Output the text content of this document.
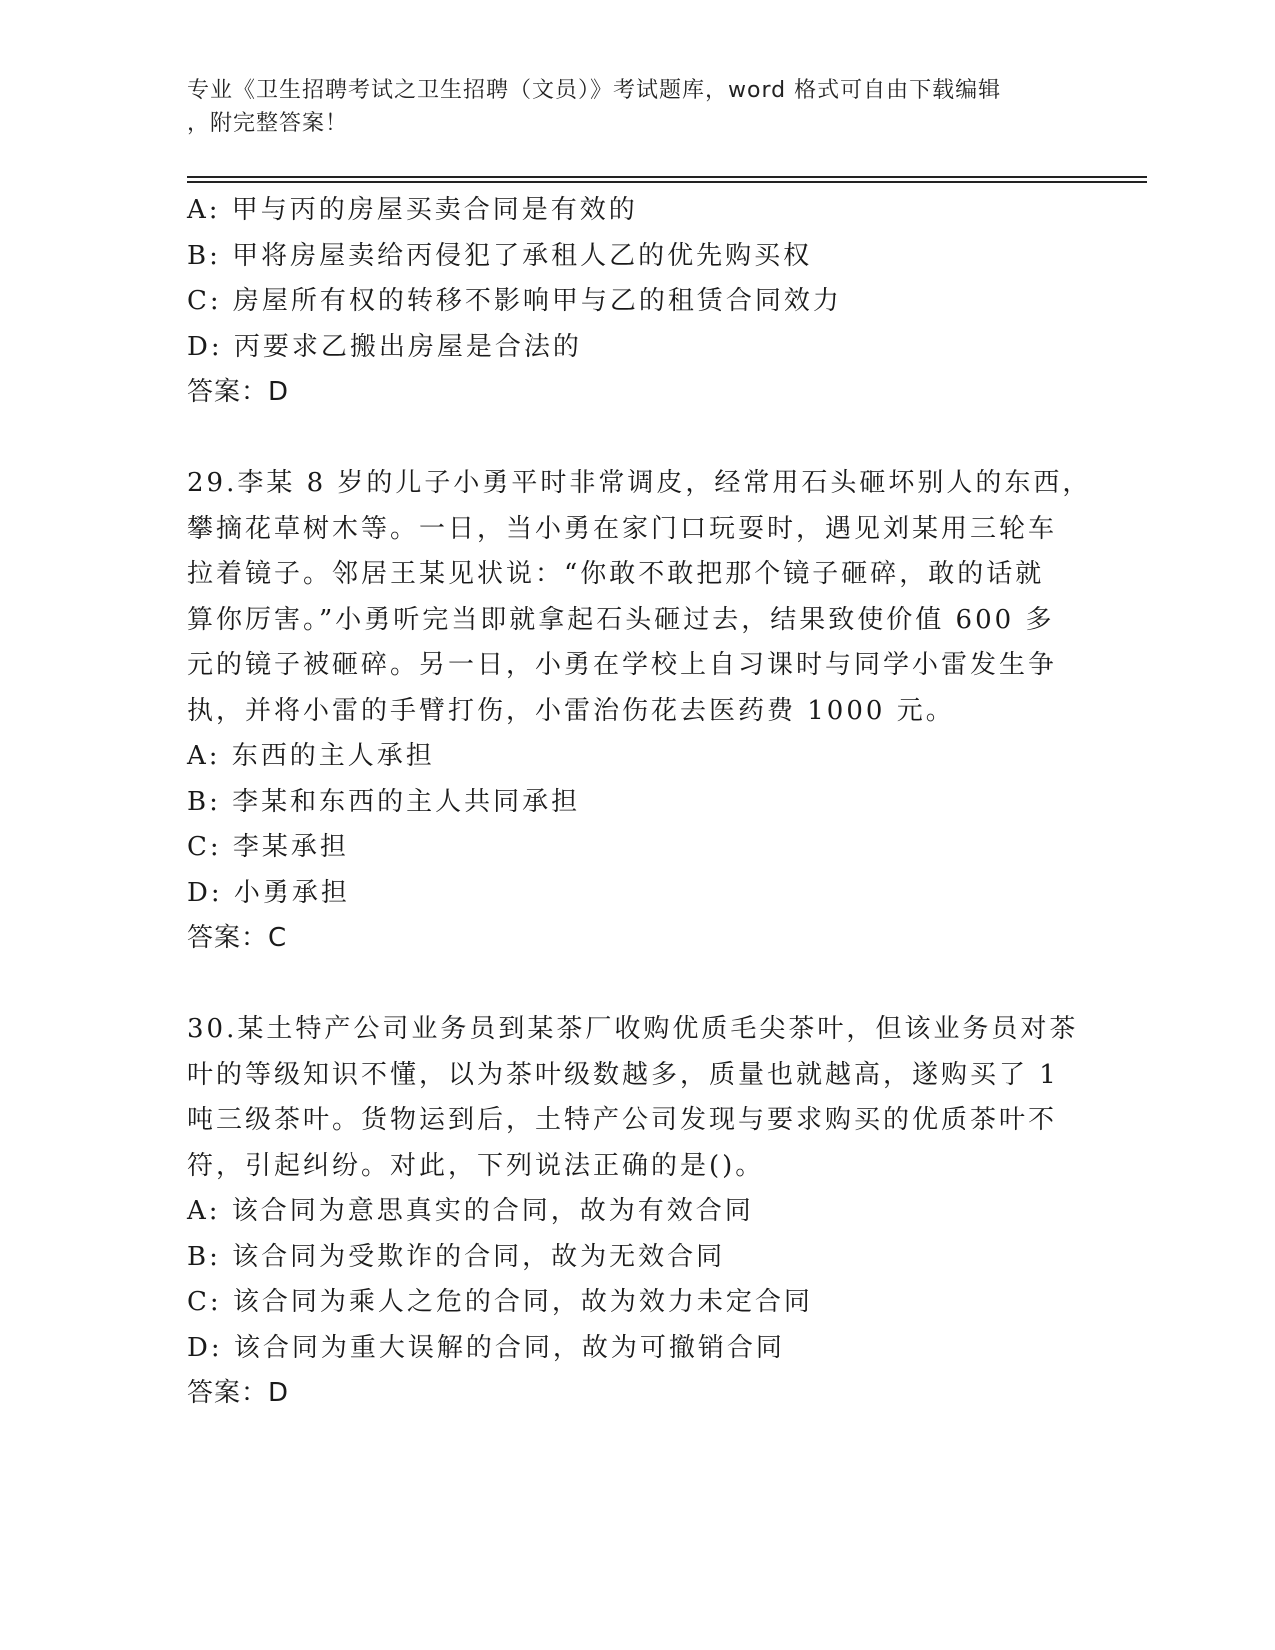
专业《卫生招聘考试之卫生招聘（文员）》考试题库，word 格式可自由下载编辑
，附完整答案！
A: 甲与丙的房屋买卖合同是有效的
B: 甲将房屋卖给丙侵犯了承租人乙的优先购买权
C: 房屋所有权的转移不影响甲与乙的租赁合同效力
D: 丙要求乙搬出房屋是合法的
答案：D
29.李某 8 岁的儿子小勇平时非常调皮，经常用石头砸坏别人的东西，
攀摘花草树木等。一日，当小勇在家门口玩耍时，遇见刘某用三轮车
拉着镜子。邻居王某见状说：“你敢不敢把那个镜子砸碎，敢的话就
算你厉害。”小勇听完当即就拿起石头砸过去，结果致使价值 600 多
元的镜子被砸碎。另一日，小勇在学校上自习课时与同学小雷发生争
执，并将小雷的手臂打伤，小雷治伤花去医药费 1000 元。
A: 东西的主人承担
B: 李某和东西的主人共同承担
C: 李某承担
D: 小勇承担
答案：C
30.某土特产公司业务员到某茶厂收购优质毛尖茶叶，但该业务员对茶
叶的等级知识不懂，以为茶叶级数越多，质量也就越高，遂购买了 1
吨三级茶叶。货物运到后，土特产公司发现与要求购买的优质茶叶不
符，引起纠纷。对此，下列说法正确的是()。
A: 该合同为意思真实的合同，故为有效合同
B: 该合同为受欺诈的合同，故为无效合同
C: 该合同为乘人之危的合同，故为效力未定合同
D: 该合同为重大误解的合同，故为可撤销合同
答案：D
